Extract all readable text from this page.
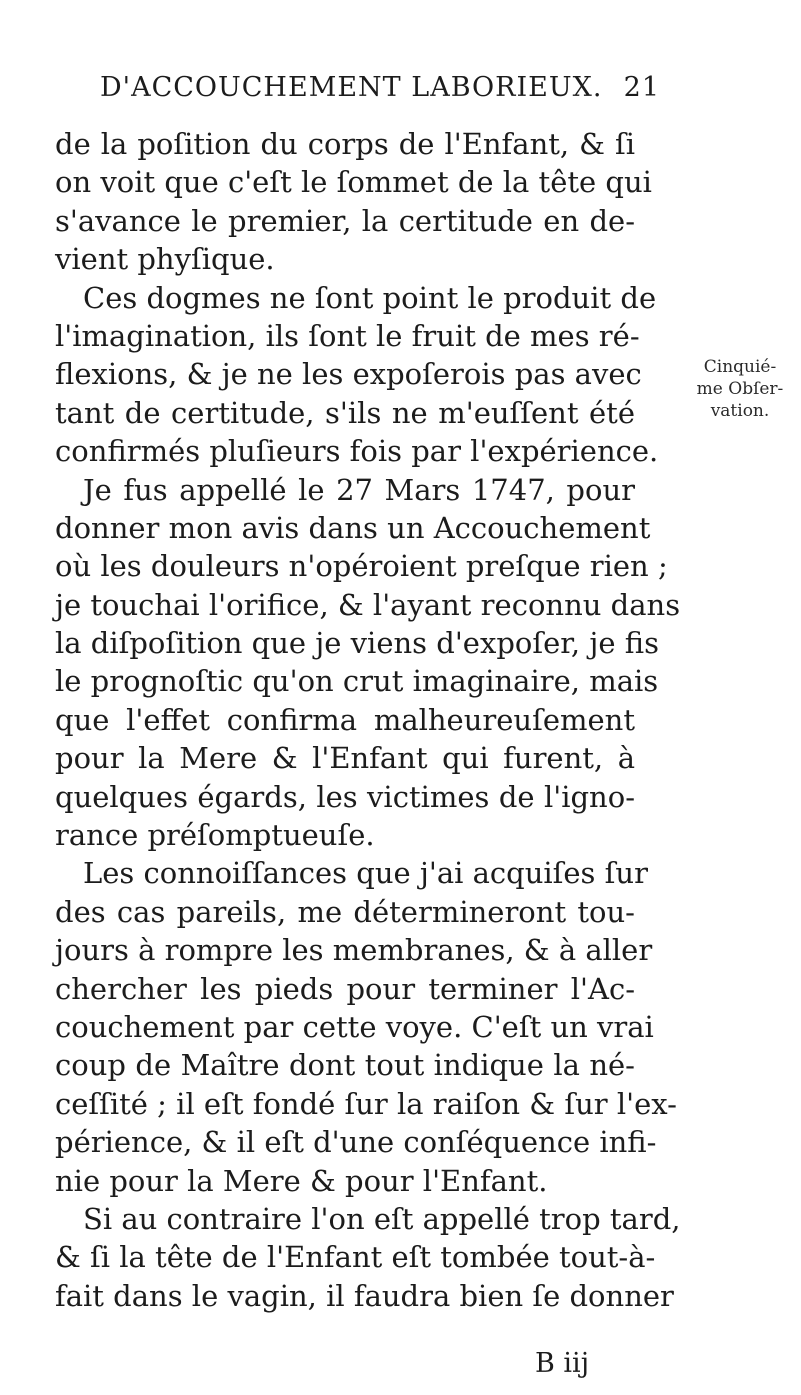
D'ACCOUCHEMENT LABORIEUX. 21
de la poſition du corps de l'Enfant, & ſi
on voit que c'eſt le ſommet de la tête qui
s'avance le premier, la certitude en de-
vient phyſique.
Ces dogmes ne ſont point le produit de
l'imagination, ils ſont le fruit de mes ré-
flexions, & je ne les expoſerois pas avec
tant de certitude, s'ils ne m'euſſent été
confirmés pluſieurs fois par l'expérience.
Je fus appellé le 27 Mars 1747, pour
donner mon avis dans un Accouchement
où les douleurs n'opéroient preſque rien ;
je touchai l'orifice, & l'ayant reconnu dans
la diſpoſition que je viens d'expoſer, je fis
le prognoſtic qu'on crut imaginaire, mais
que l'effet confirma malheureuſement
pour la Mere & l'Enfant qui furent, à
quelques égards, les victimes de l'igno-
rance préſomptueuſe.
Les connoiſſances que j'ai acquiſes ſur
des cas pareils, me détermineront tou-
jours à rompre les membranes, & à aller
chercher les pieds pour terminer l'Ac-
couchement par cette voye. C'eſt un vrai
coup de Maître dont tout indique la né-
ceſſité ; il eſt fondé ſur la raiſon & ſur l'ex-
périence, & il eſt d'une conſéquence infi-
nie pour la Mere & pour l'Enfant.
Si au contraire l'on eſt appellé trop tard,
& ſi la tête de l'Enfant eſt tombée tout-à-
fait dans le vagin, il faudra bien ſe donner
Cinquié-
me Obſer-
vation.
B iij
